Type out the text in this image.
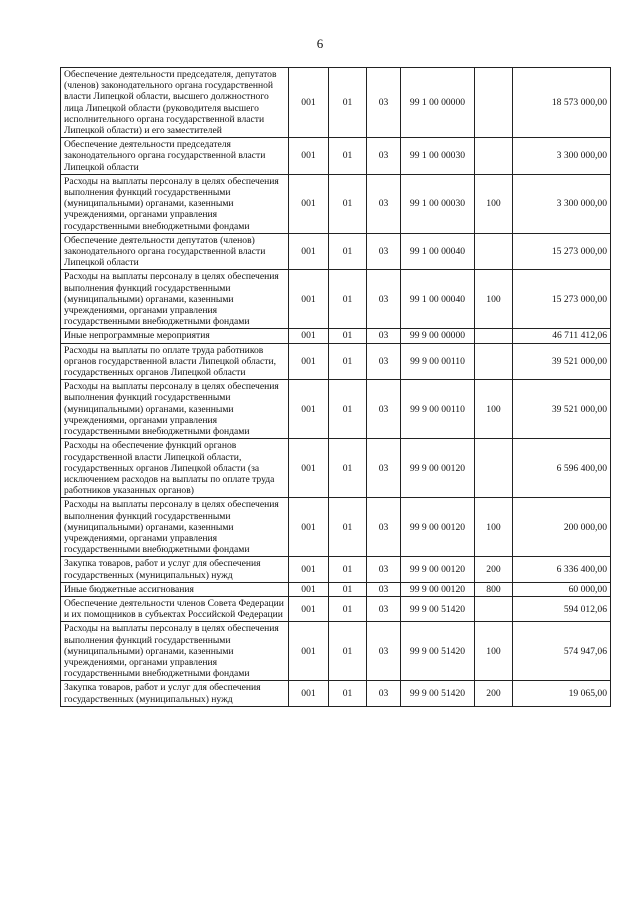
6
Обеспечение деятельности председателя, депутатов (членов) законодательного органа государственной власти Липецкой области, высшего должностного лица Липецкой области (руководителя высшего исполнительного органа государственной власти Липецкой области) и его заместителей	001	01	03	99 1 00 00000		18 573 000,00
Обеспечение деятельности председателя законодательного органа государственной власти Липецкой области	001	01	03	99 1 00 00030		3 300 000,00
Расходы на выплаты персоналу в целях обеспечения выполнения функций государственными (муниципальными) органами, казенными учреждениями, органами управления государственными внебюджетными фондами	001	01	03	99 1 00 00030	100	3 300 000,00
Обеспечение деятельности депутатов (членов) законодательного органа государственной власти Липецкой области	001	01	03	99 1 00 00040		15 273 000,00
Расходы на выплаты персоналу в целях обеспечения выполнения функций государственными (муниципальными) органами, казенными учреждениями, органами управления государственными внебюджетными фондами	001	01	03	99 1 00 00040	100	15 273 000,00
Иные непрограммные мероприятия	001	01	03	99 9 00 00000		46 711 412,06
Расходы на выплаты по оплате труда работников органов государственной власти Липецкой области, государственных органов Липецкой области	001	01	03	99 9 00 00110		39 521 000,00
Расходы на выплаты персоналу в целях обеспечения выполнения функций государственными (муниципальными) органами, казенными учреждениями, органами управления государственными внебюджетными фондами	001	01	03	99 9 00 00110	100	39 521 000,00
Расходы на обеспечение функций органов государственной власти Липецкой области, государственных органов Липецкой области (за исключением расходов на выплаты по оплате труда работников указанных органов)	001	01	03	99 9 00 00120		6 596 400,00
Расходы на выплаты персоналу в целях обеспечения выполнения функций государственными (муниципальными) органами, казенными учреждениями, органами управления государственными внебюджетными фондами	001	01	03	99 9 00 00120	100	200 000,00
Закупка товаров, работ и услуг для обеспечения государственных (муниципальных) нужд	001	01	03	99 9 00 00120	200	6 336 400,00
Иные бюджетные ассигнования	001	01	03	99 9 00 00120	800	60 000,00
Обеспечение деятельности членов Совета Федерации и их помощников в субъектах Российской Федерации	001	01	03	99 9 00 51420		594 012,06
Расходы на выплаты персоналу в целях обеспечения выполнения функций государственными (муниципальными) органами, казенными учреждениями, органами управления государственными внебюджетными фондами	001	01	03	99 9 00 51420	100	574 947,06
Закупка товаров, работ и услуг для обеспечения государственных (муниципальных) нужд	001	01	03	99 9 00 51420	200	19 065,00
